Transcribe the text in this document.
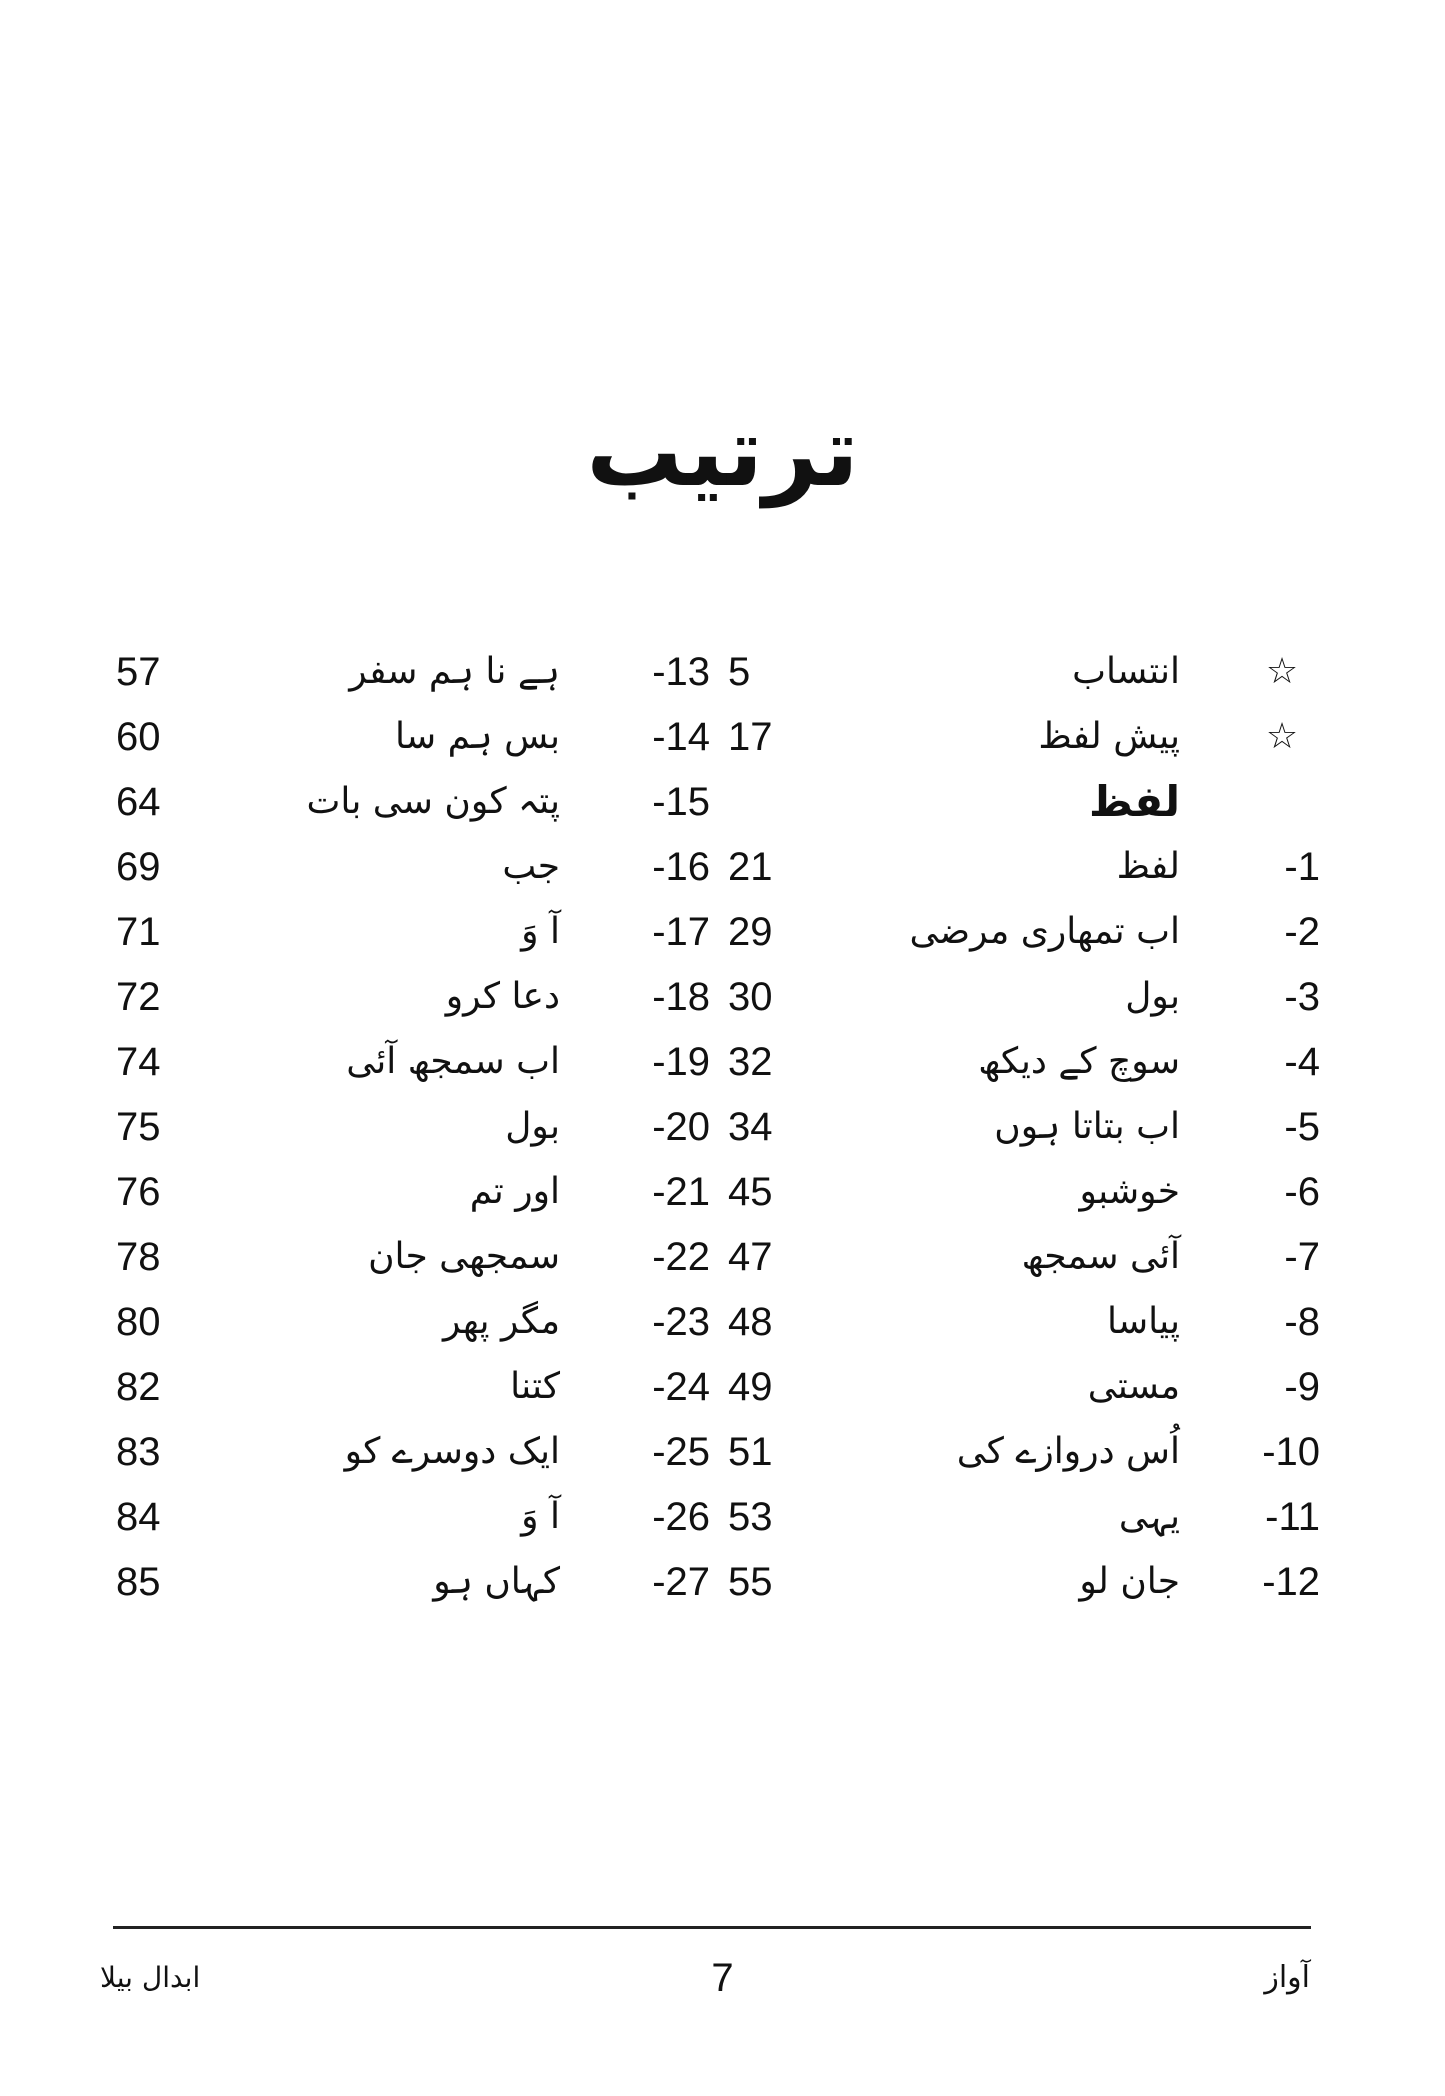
ترتیب
☆
انتساب
5
-13
ہے نا ہم سفر
57
☆
پیش لفظ
17
-14
بس ہم سا
60
لفظ
-15
پتہ کون سی بات
64
-1
لفظ
21
-16
جب
69
-2
اب تمھاری مرضی
29
-17
آ وَ
71
-3
بول
30
-18
دعا کرو
72
-4
سوچ کے دیکھ
32
-19
اب سمجھ آئی
74
-5
اب بتاتا ہوں
34
-20
بول
75
-6
خوشبو
45
-21
اور تم
76
-7
آئی سمجھ
47
-22
سمجھی جان
78
-8
پیاسا
48
-23
مگر پھر
80
-9
مستی
49
-24
کتنا
82
-10
اُس دروازے کی
51
-25
ایک دوسرے کو
83
-11
یہی
53
-26
آ وَ
84
-12
جان لو
55
-27
کہاں ہو
85
ابدال بیلا	7	آواز
